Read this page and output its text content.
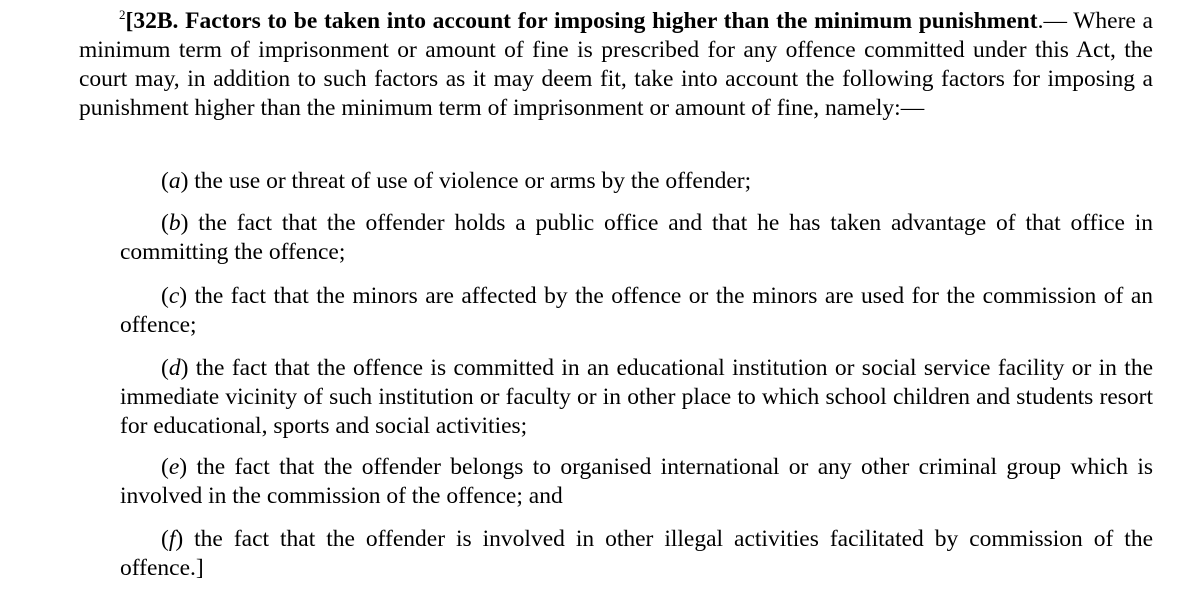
$^2$[32B. Factors to be taken into account for imposing higher than the minimum punishment.— Where a minimum term of imprisonment or amount of fine is prescribed for any offence committed under this Act, the court may, in addition to such factors as it may deem fit, take into account the following factors for imposing a punishment higher than the minimum term of imprisonment or amount of fine, namely:—

(a) the use or threat of use of violence or arms by the offender;

(b) the fact that the offender holds a public office and that he has taken advantage of that office in committing the offence;

(c) the fact that the minors are affected by the offence or the minors are used for the commission of an offence;

(d) the fact that the offence is committed in an educational institution or social service facility or in the immediate vicinity of such institution or faculty or in other place to which school children and students resort for educational, sports and social activities;

(e) the fact that the offender belongs to organised international or any other criminal group which is involved in the commission of the offence; and

(f) the fact that the offender is involved in other illegal activities facilitated by commission of the offence.]
